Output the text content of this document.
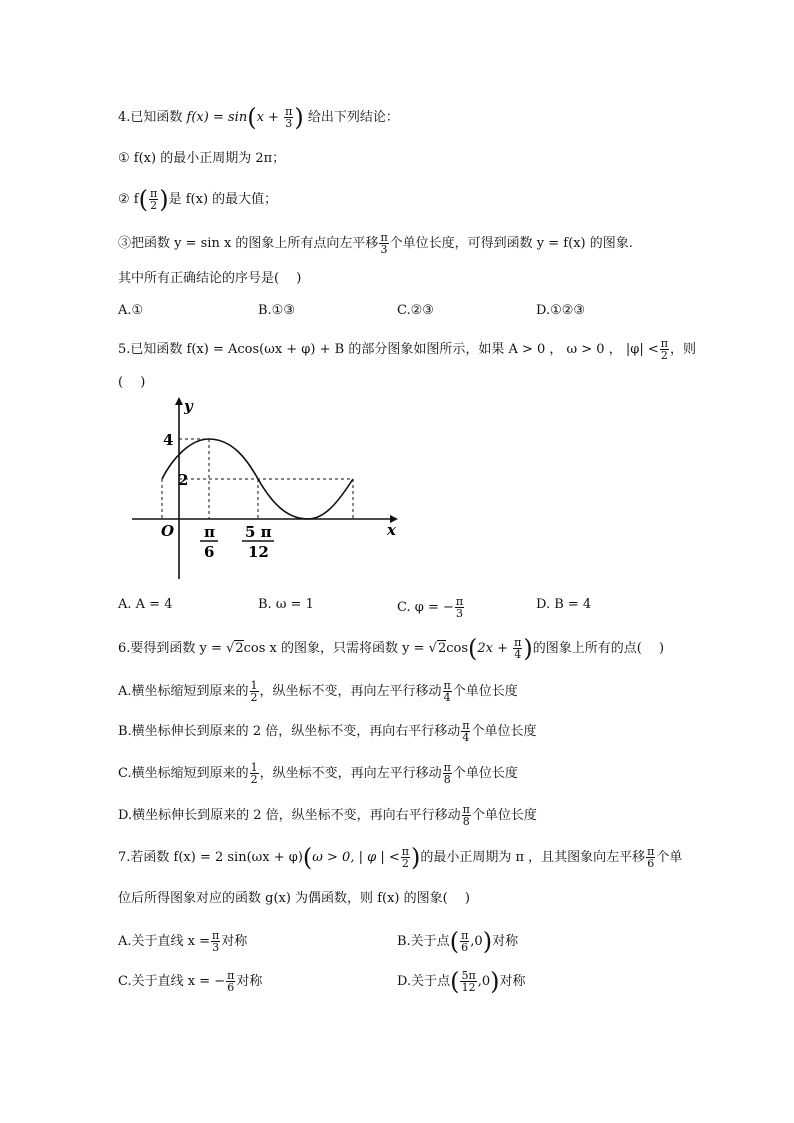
4.已知函数 $f(x) = \sin(x + \frac{\pi}{3}$ ) 给出下列结论：
① f(x) 的最小正周期为 2π；
② $f( \frac{\pi}{2}$ )是 f(x) 的最大值；
③把函数 y = sin x 的图象上所有点向左平移 $\frac{\pi}{3}$ 个单位长度，可得到函数 y = f(x) 的图象.
其中所有正确结论的序号是(　 )
A.①	B.①③	C.②③	D.①②③
5.已知函数 f(x) = Acos(ωx + φ) + B 的部分图象如图所示，如果 A > 0 ， ω > 0 ， $|\varphi| < \frac{\pi}{2}$ ，则
(　 )
y
x
O
4
2
π
6
5 π
12
A. A = 4	B. ω = 1	C. φ = − $\frac{\pi}{3}$	D. B = 4
6.要得到函数 y = √2cos x 的图象，只需将函数 $y = √2\cos(2x + \frac{\pi}{4}$ )的图象上所有的点(　 )
A.横坐标缩短到原来的 $\frac{1}{2}$ ，纵坐标不变，再向左平行移动 $\frac{\pi}{4}$ 个单位长度
B.横坐标伸长到原来的 2 倍，纵坐标不变，再向右平行移动 $\frac{\pi}{4}$ 个单位长度
C.横坐标缩短到原来的 $\frac{1}{2}$ ，纵坐标不变，再向左平行移动 $\frac{\pi}{8}$ 个单位长度
D.横坐标伸长到原来的 2 倍，纵坐标不变，再向右平行移动 $\frac{\pi}{8}$ 个单位长度
7.若函数 f(x) = 2 sin(ωx + φ)(ω > 0, | φ | < $\frac{\pi}{2}$ )的最小正周期为 π ，且其图象向左平移 $\frac{\pi}{6}$ 个单
位后所得图象对应的函数 g(x) 为偶函数，则 f(x) 的图象(　 )
A.关于直线 $x = \frac{\pi}{3}$ 对称	B.关于点( $\frac{\pi}{6} ,0$)对称
C.关于直线 x = − $\frac{\pi}{6}$ 对称	D.关于点( $\frac{5\pi}{12} ,0$)对称
